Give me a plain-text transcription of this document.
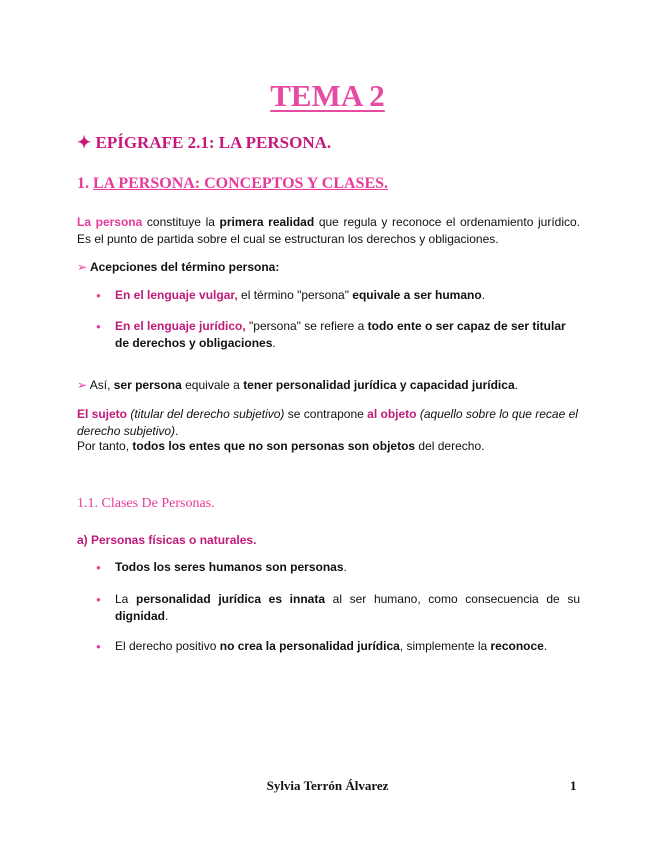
TEMA 2
✦ EPÍGRAFE 2.1: LA PERSONA.
1. LA PERSONA: CONCEPTOS Y CLASES.
La persona constituye la primera realidad que regula y reconoce el ordenamiento jurídico. Es el punto de partida sobre el cual se estructuran los derechos y obligaciones.
➢ Acepciones del término persona:
●	En el lenguaje vulgar, el término "persona" equivale a ser humano.
●	En el lenguaje jurídico, "persona" se refiere a todo ente o ser capaz de ser titular de derechos y obligaciones.
➢ Así, ser persona equivale a tener personalidad jurídica y capacidad jurídica.
El sujeto (titular del derecho subjetivo) se contrapone al objeto (aquello sobre lo que recae el derecho subjetivo).
Por tanto, todos los entes que no son personas son objetos del derecho.
1.1. Clases De Personas.
a) Personas físicas o naturales.
●	Todos los seres humanos son personas.
●	La personalidad jurídica es innata al ser humano, como consecuencia de su dignidad.
●	El derecho positivo no crea la personalidad jurídica, simplemente la reconoce.
Sylvia Terrón Álvarez	1
